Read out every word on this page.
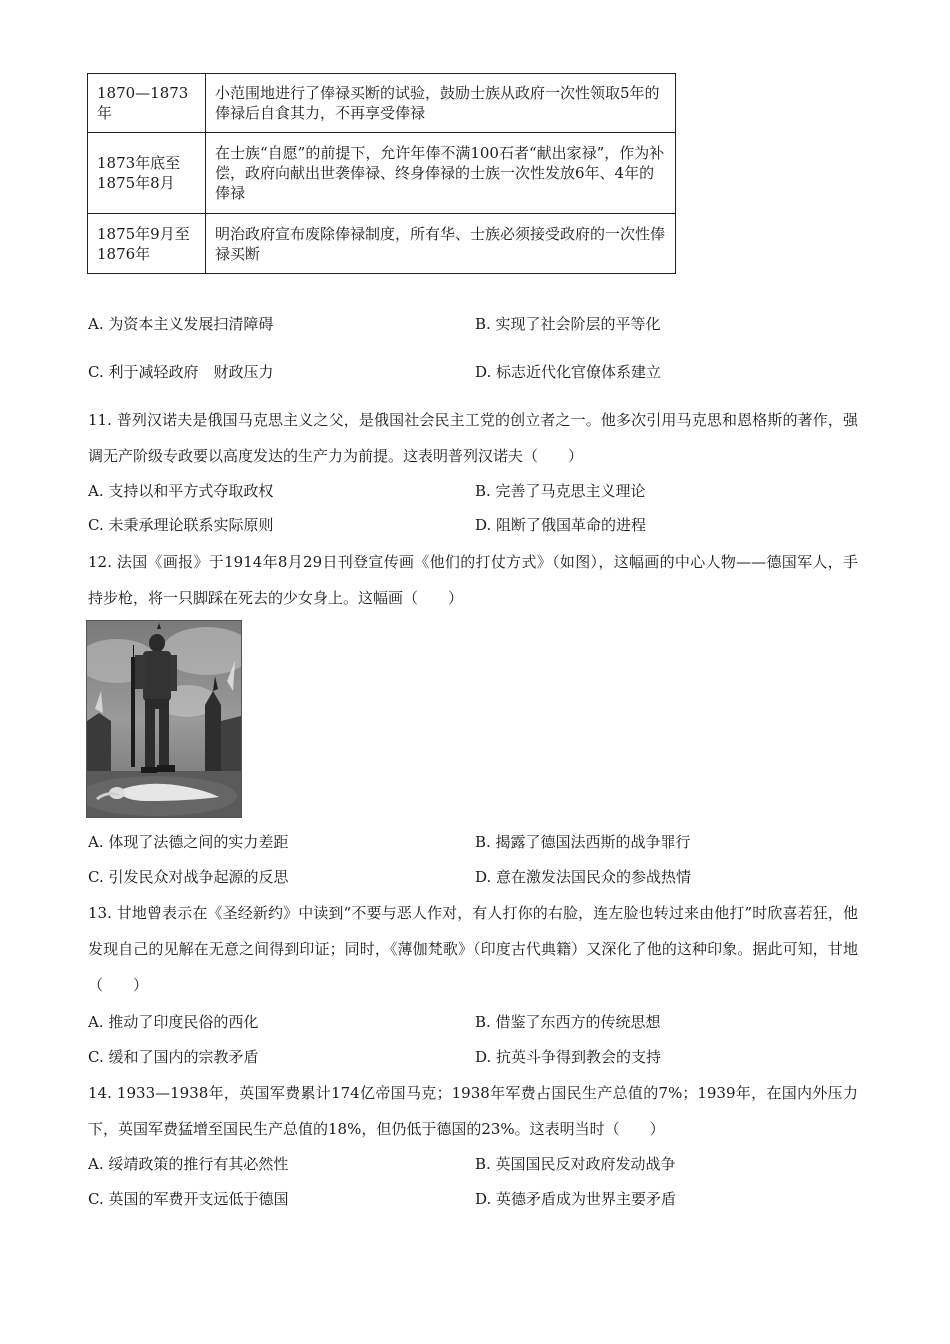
1870—1873年	小范围地进行了俸禄买断的试验，鼓励士族从政府一次性领取5年的俸禄后自食其力，不再享受俸禄
1873年底至1875年8月	在士族“自愿”的前提下，允许年俸不满100石者“献出家禄”，作为补偿，政府向献出世袭俸禄、终身俸禄的士族一次性发放6年、4年的俸禄
1875年9月至1876年	明治政府宣布废除俸禄制度，所有华、士族必须接受政府的一次性俸禄买断
A. 为资本主义发展扫清障碍	B. 实现了社会阶层的平等化
C. 利于减轻政府　财政压力	D. 标志近代化官僚体系建立
11. 普列汉诺夫是俄国马克思主义之父，是俄国社会民主工党的创立者之一。他多次引用马克思和恩格斯的著作，强调无产阶级专政要以高度发达的生产力为前提。这表明普列汉诺夫（　　）
A. 支持以和平方式夺取政权	B. 完善了马克思主义理论
C. 未秉承理论联系实际原则	D. 阻断了俄国革命的进程
12. 法国《画报》于1914年8月29日刊登宣传画《他们的打仗方式》（如图），这幅画的中心人物——德国军人，手持步枪，将一只脚踩在死去的少女身上。这幅画（　　）
A. 体现了法德之间的实力差距	B. 揭露了德国法西斯的战争罪行
C. 引发民众对战争起源的反思	D. 意在激发法国民众的参战热情
13. 甘地曾表示在《圣经新约》中读到“不要与恶人作对，有人打你的右脸，连左脸也转过来由他打”时欣喜若狂，他发现自己的见解在无意之间得到印证；同时，《薄伽梵歌》（印度古代典籍）又深化了他的这种印象。据此可知，甘地（　　）
A. 推动了印度民俗的西化	B. 借鉴了东西方的传统思想
C. 缓和了国内的宗教矛盾	D. 抗英斗争得到教会的支持
14. 1933—1938年，英国军费累计174亿帝国马克；1938年军费占国民生产总值的7%；1939年，在国内外压力下，英国军费猛增至国民生产总值的18%，但仍低于德国的23%。这表明当时（　　）
A. 绥靖政策的推行有其必然性	B. 英国国民反对政府发动战争
C. 英国的军费开支远低于德国	D. 英德矛盾成为世界主要矛盾
